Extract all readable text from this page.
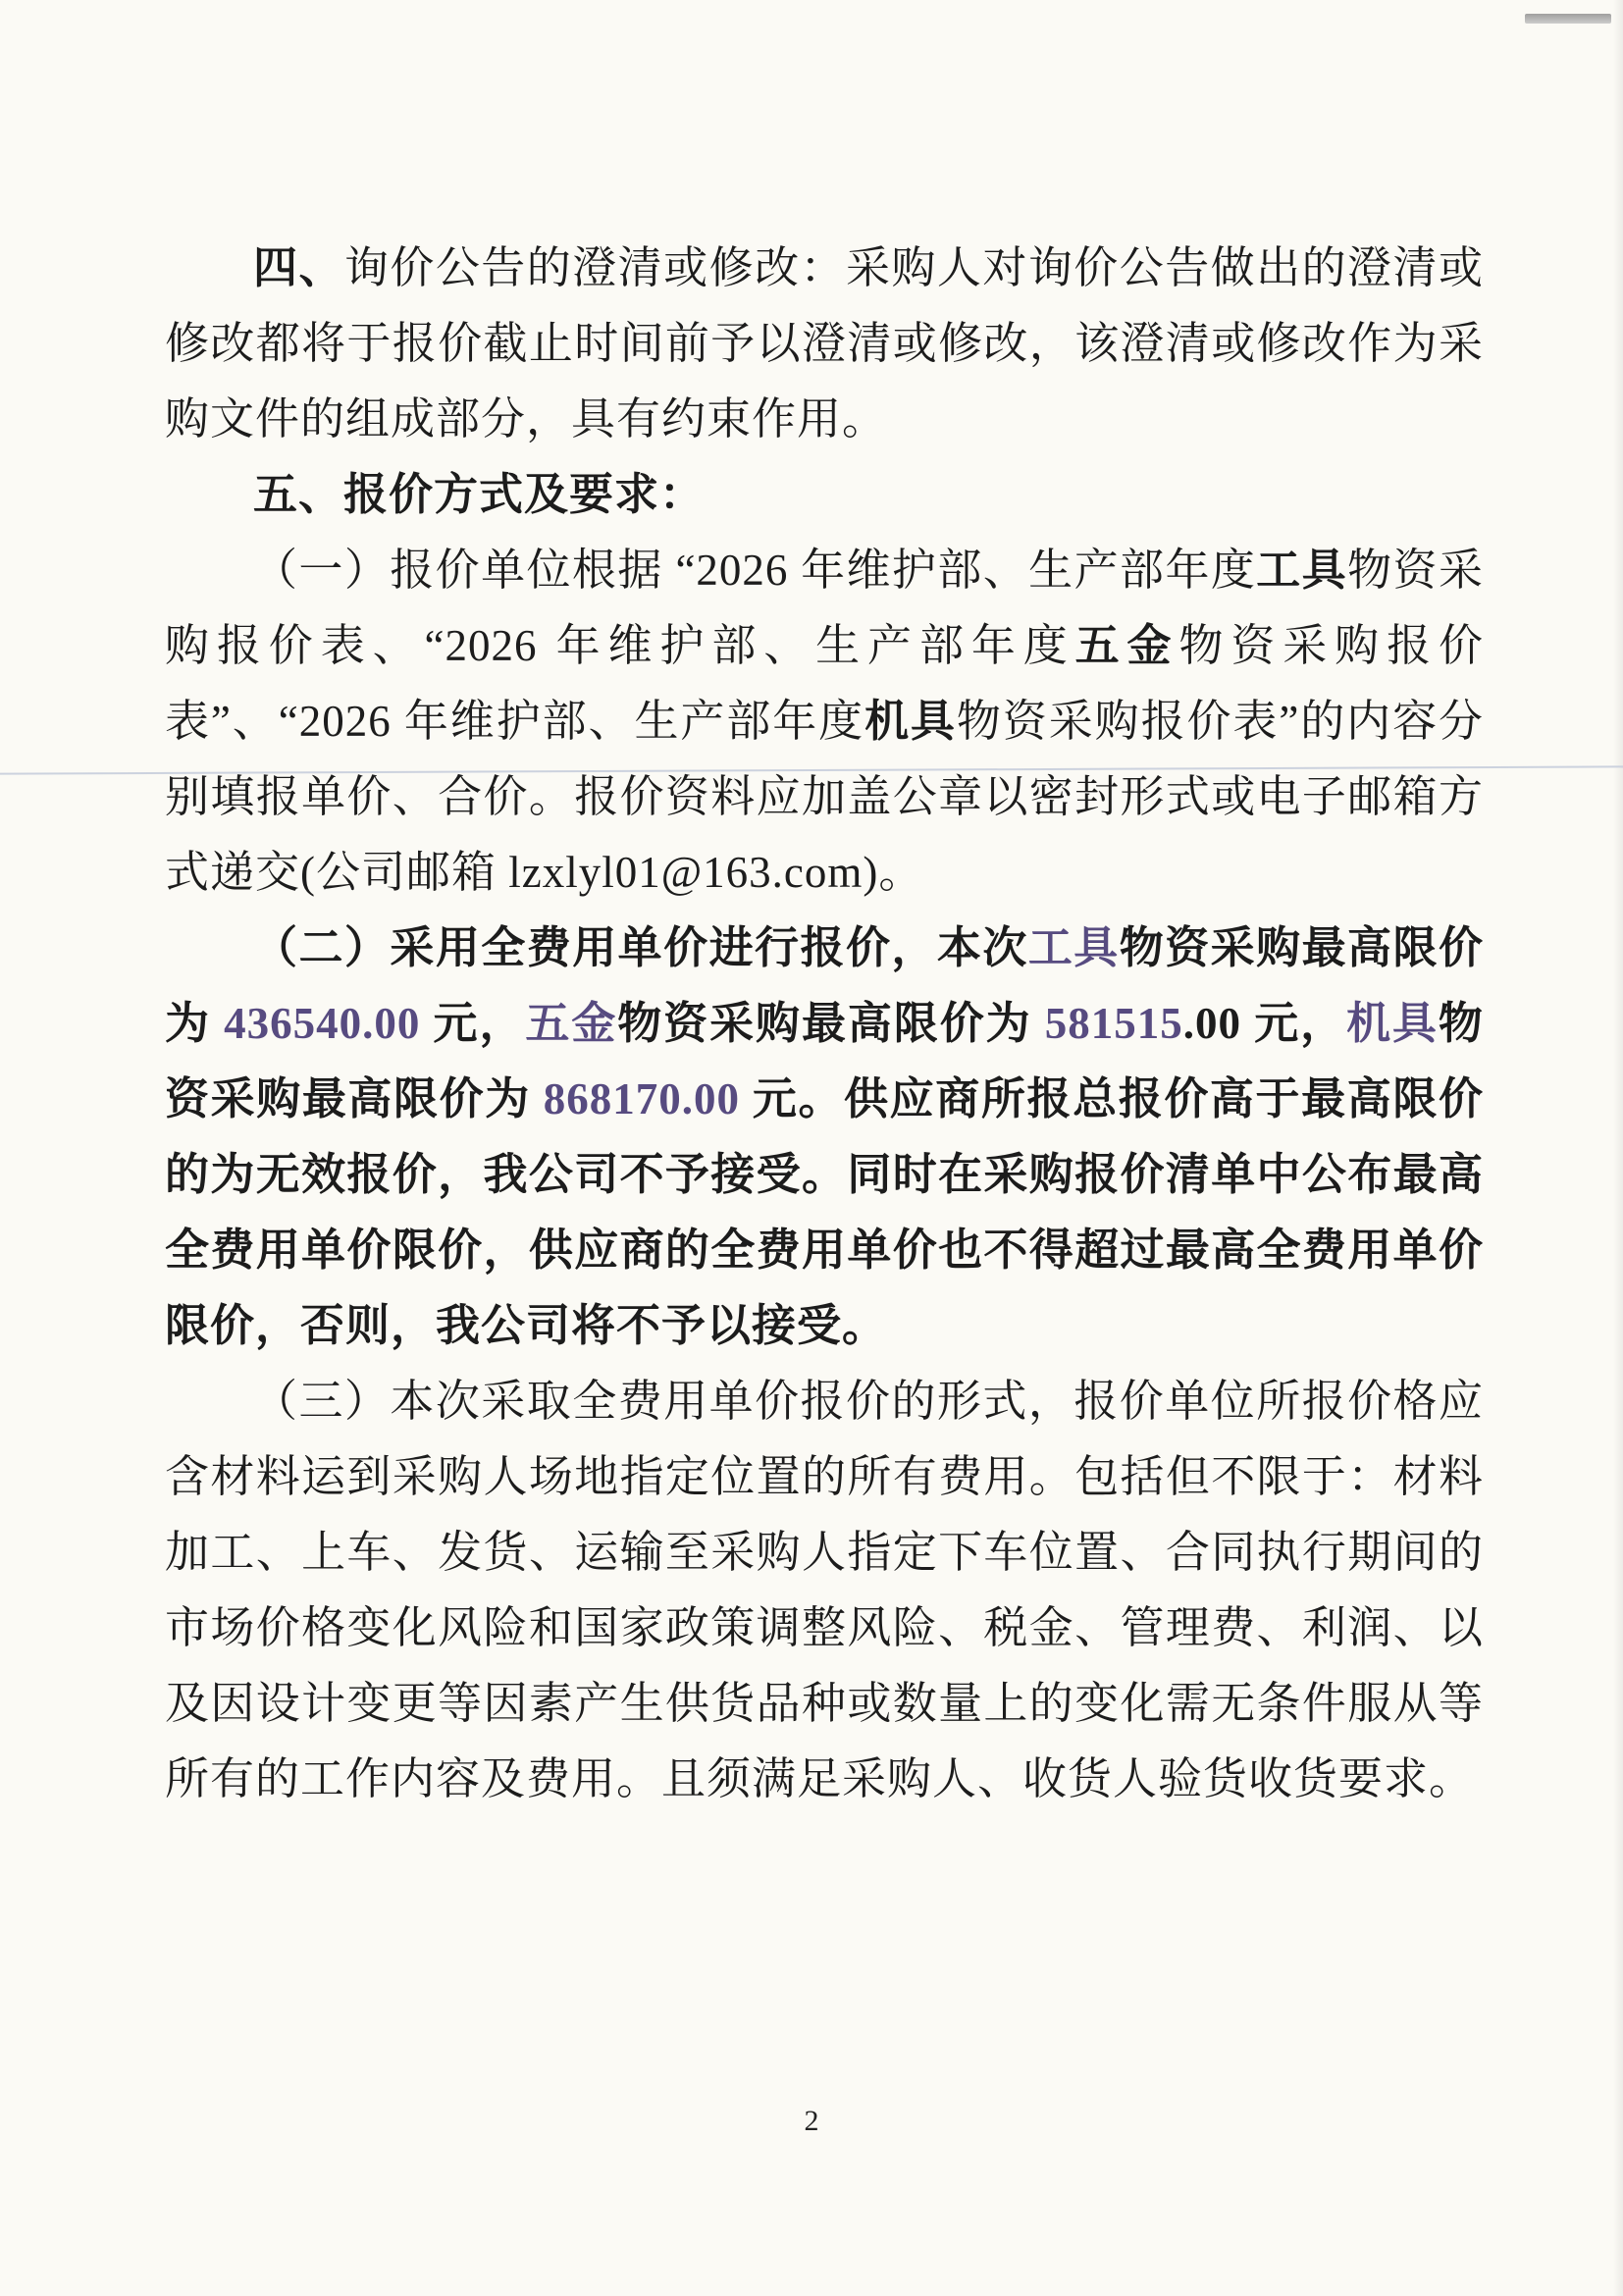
四、询价公告的澄清或修改：采购人对询价公告做出的澄清或修改都将于报价截止时间前予以澄清或修改，该澄清或修改作为采购文件的组成部分，具有约束作用。

五、报价方式及要求：

（一）报价单位根据 “2026 年维护部、生产部年度工具物资采购报价表、“2026 年维护部、生产部年度五金物资采购报价表”、“2026 年维护部、生产部年度机具物资采购报价表”的内容分别填报单价、合价。报价资料应加盖公章以密封形式或电子邮箱方式递交(公司邮箱 lzxlyl01@163.com)。

（二）采用全费用单价进行报价，本次工具物资采购最高限价为 436540.00 元，五金物资采购最高限价为 581515.00 元，机具物资采购最高限价为 868170.00 元。供应商所报总报价高于最高限价的为无效报价，我公司不予接受。同时在采购报价清单中公布最高全费用单价限价，供应商的全费用单价也不得超过最高全费用单价限价，否则，我公司将不予以接受。

（三）本次采取全费用单价报价的形式，报价单位所报价格应含材料运到采购人场地指定位置的所有费用。包括但不限于：材料加工、上车、发货、运输至采购人指定下车位置、合同执行期间的市场价格变化风险和国家政策调整风险、税金、管理费、利润、以及因设计变更等因素产生供货品种或数量上的变化需无条件服从等所有的工作内容及费用。且须满足采购人、收货人验货收货要求。

2
